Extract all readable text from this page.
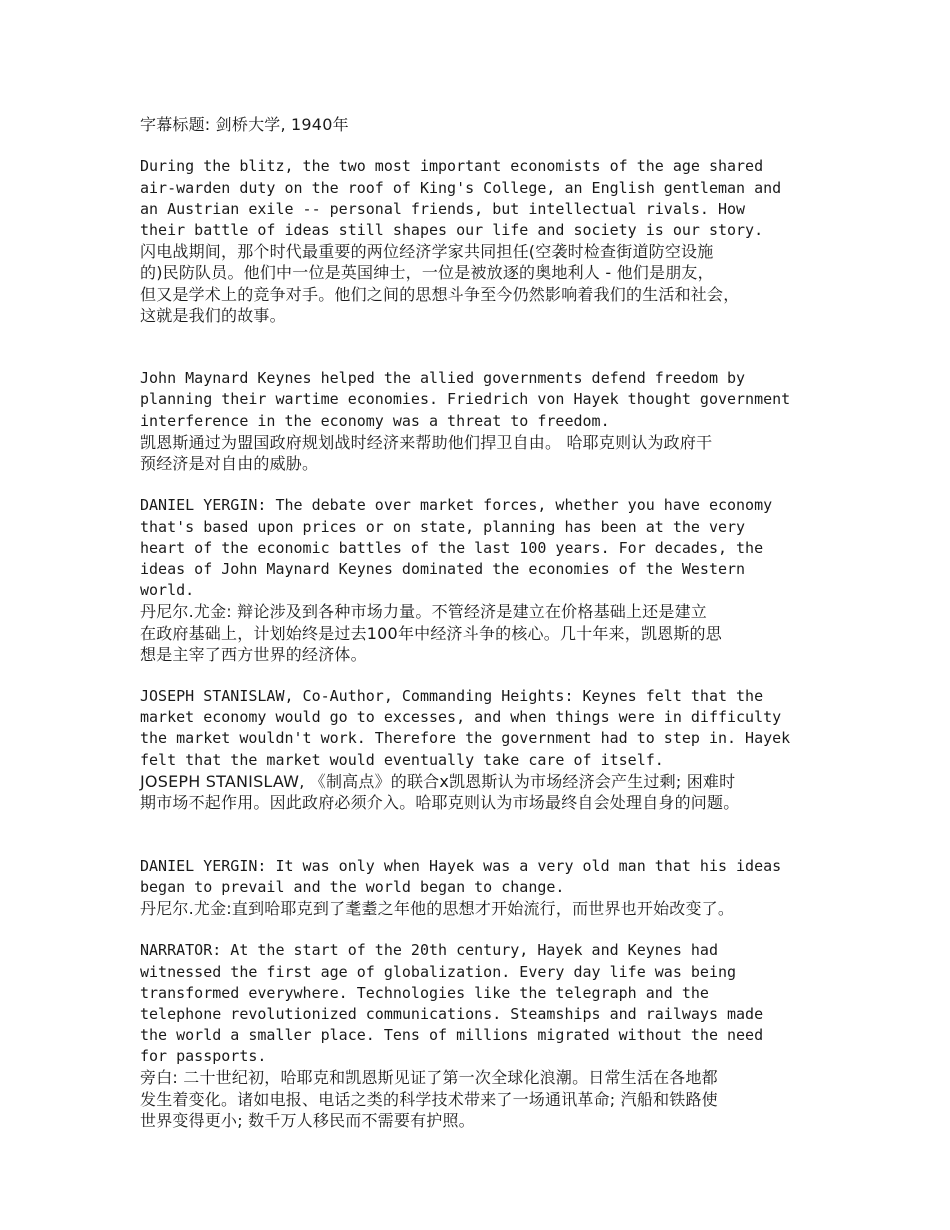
字幕标题: 剑桥大学, 1940年
During the blitz, the two most important economists of the age shared
air-warden duty on the roof of King's College, an English gentleman and
an Austrian exile -- personal friends, but intellectual rivals. How
their battle of ideas still shapes our life and society is our story.
闪电战期间，那个时代最重要的两位经济学家共同担任(空袭时检查街道防空设施
的)民防队员。他们中一位是英国绅士，一位是被放逐的奥地利人 - 他们是朋友，
但又是学术上的竞争对手。他们之间的思想斗争至今仍然影响着我们的生活和社会，
这就是我们的故事。
John Maynard Keynes helped the allied governments defend freedom by
planning their wartime economies. Friedrich von Hayek thought government
interference in the economy was a threat to freedom.
凯恩斯通过为盟国政府规划战时经济来帮助他们捍卫自由。 哈耶克则认为政府干
预经济是对自由的威胁。
DANIEL YERGIN: The debate over market forces, whether you have economy
that's based upon prices or on state, planning has been at the very
heart of the economic battles of the last 100 years. For decades, the
ideas of John Maynard Keynes dominated the economies of the Western
world.
丹尼尔.尤金: 辩论涉及到各种市场力量。不管经济是建立在价格基础上还是建立
在政府基础上，计划始终是过去100年中经济斗争的核心。几十年来，凯恩斯的思
想是主宰了西方世界的经济体。
JOSEPH STANISLAW, Co-Author, Commanding Heights: Keynes felt that the
market economy would go to excesses, and when things were in difficulty
the market wouldn't work. Therefore the government had to step in. Hayek
felt that the market would eventually take care of itself.
JOSEPH STANISLAW, 《制高点》的联合x凯恩斯认为市场经济会产生过剩; 困难时
期市场不起作用。因此政府必须介入。哈耶克则认为市场最终自会处理自身的问题。
DANIEL YERGIN: It was only when Hayek was a very old man that his ideas
began to prevail and the world began to change.
丹尼尔.尤金:直到哈耶克到了耄耋之年他的思想才开始流行，而世界也开始改变了。
NARRATOR: At the start of the 20th century, Hayek and Keynes had
witnessed the first age of globalization. Every day life was being
transformed everywhere. Technologies like the telegraph and the
telephone revolutionized communications. Steamships and railways made
the world a smaller place. Tens of millions migrated without the need
for passports.
旁白: 二十世纪初，哈耶克和凯恩斯见证了第一次全球化浪潮。日常生活在各地都
发生着变化。诸如电报、电话之类的科学技术带来了一场通讯革命; 汽船和铁路使
世界变得更小; 数千万人移民而不需要有护照。
